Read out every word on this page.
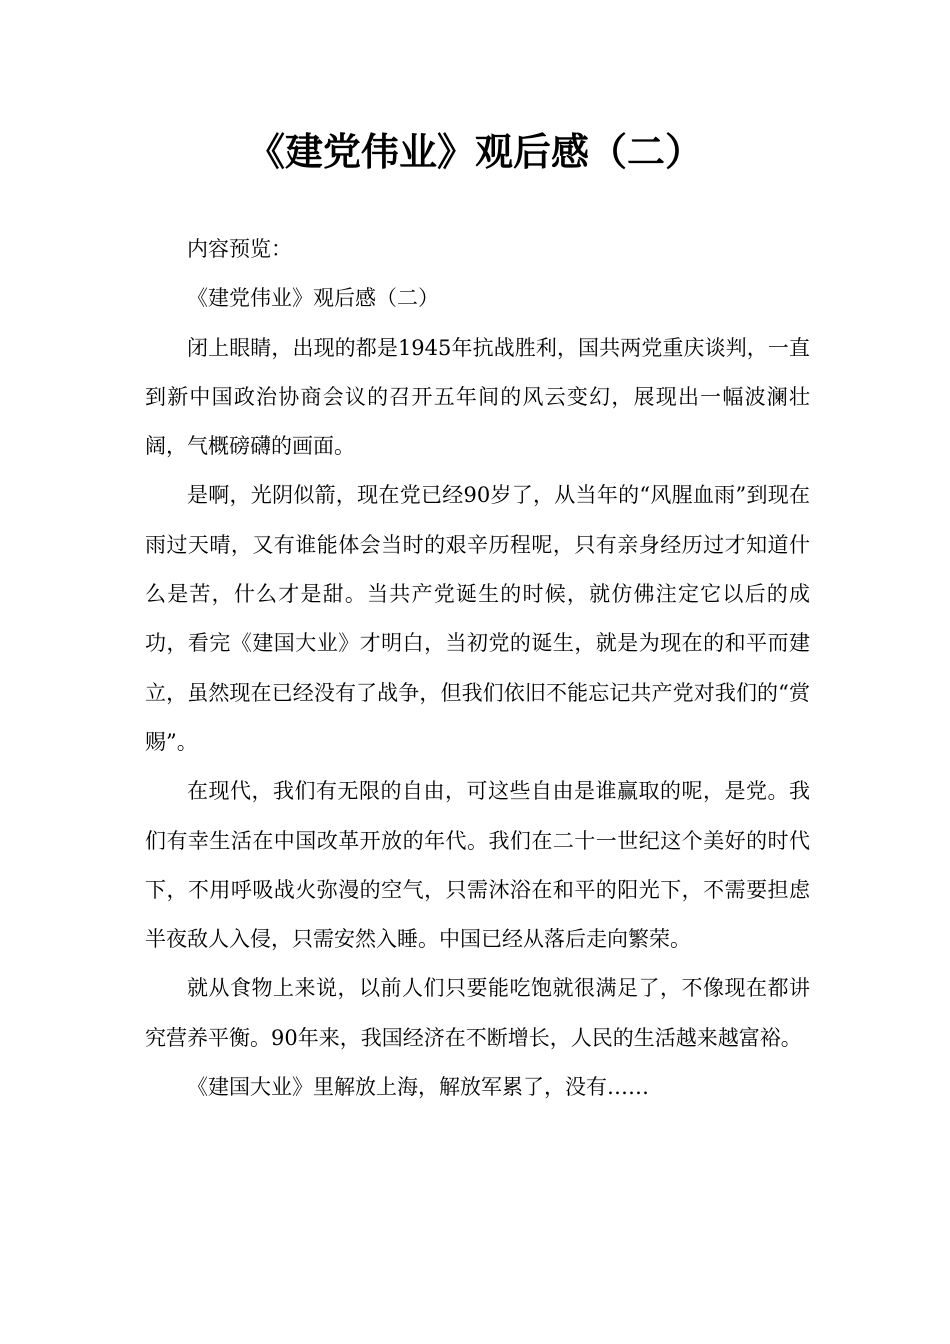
《建党伟业》观后感（二）

内容预览：

《建党伟业》观后感（二）

闭上眼睛，出现的都是1945年抗战胜利，国共两党重庆谈判，一直到新中国政治协商会议的召开五年间的风云变幻，展现出一幅波澜壮阔，气概磅礴的画面。

是啊，光阴似箭，现在党已经90岁了，从当年的“风腥血雨”到现在雨过天晴，又有谁能体会当时的艰辛历程呢，只有亲身经历过才知道什么是苦，什么才是甜。当共产党诞生的时候，就仿佛注定它以后的成功，看完《建国大业》才明白，当初党的诞生，就是为现在的和平而建立，虽然现在已经没有了战争，但我们依旧不能忘记共产党对我们的“赏赐”。

在现代，我们有无限的自由，可这些自由是谁赢取的呢，是党。我们有幸生活在中国改革开放的年代。我们在二十一世纪这个美好的时代下，不用呼吸战火弥漫的空气，只需沐浴在和平的阳光下，不需要担虑半夜敌人入侵，只需安然入睡。中国已经从落后走向繁荣。

就从食物上来说，以前人们只要能吃饱就很满足了，不像现在都讲究营养平衡。90年来，我国经济在不断增长，人民的生活越来越富裕。

《建国大业》里解放上海，解放军累了，没有……
